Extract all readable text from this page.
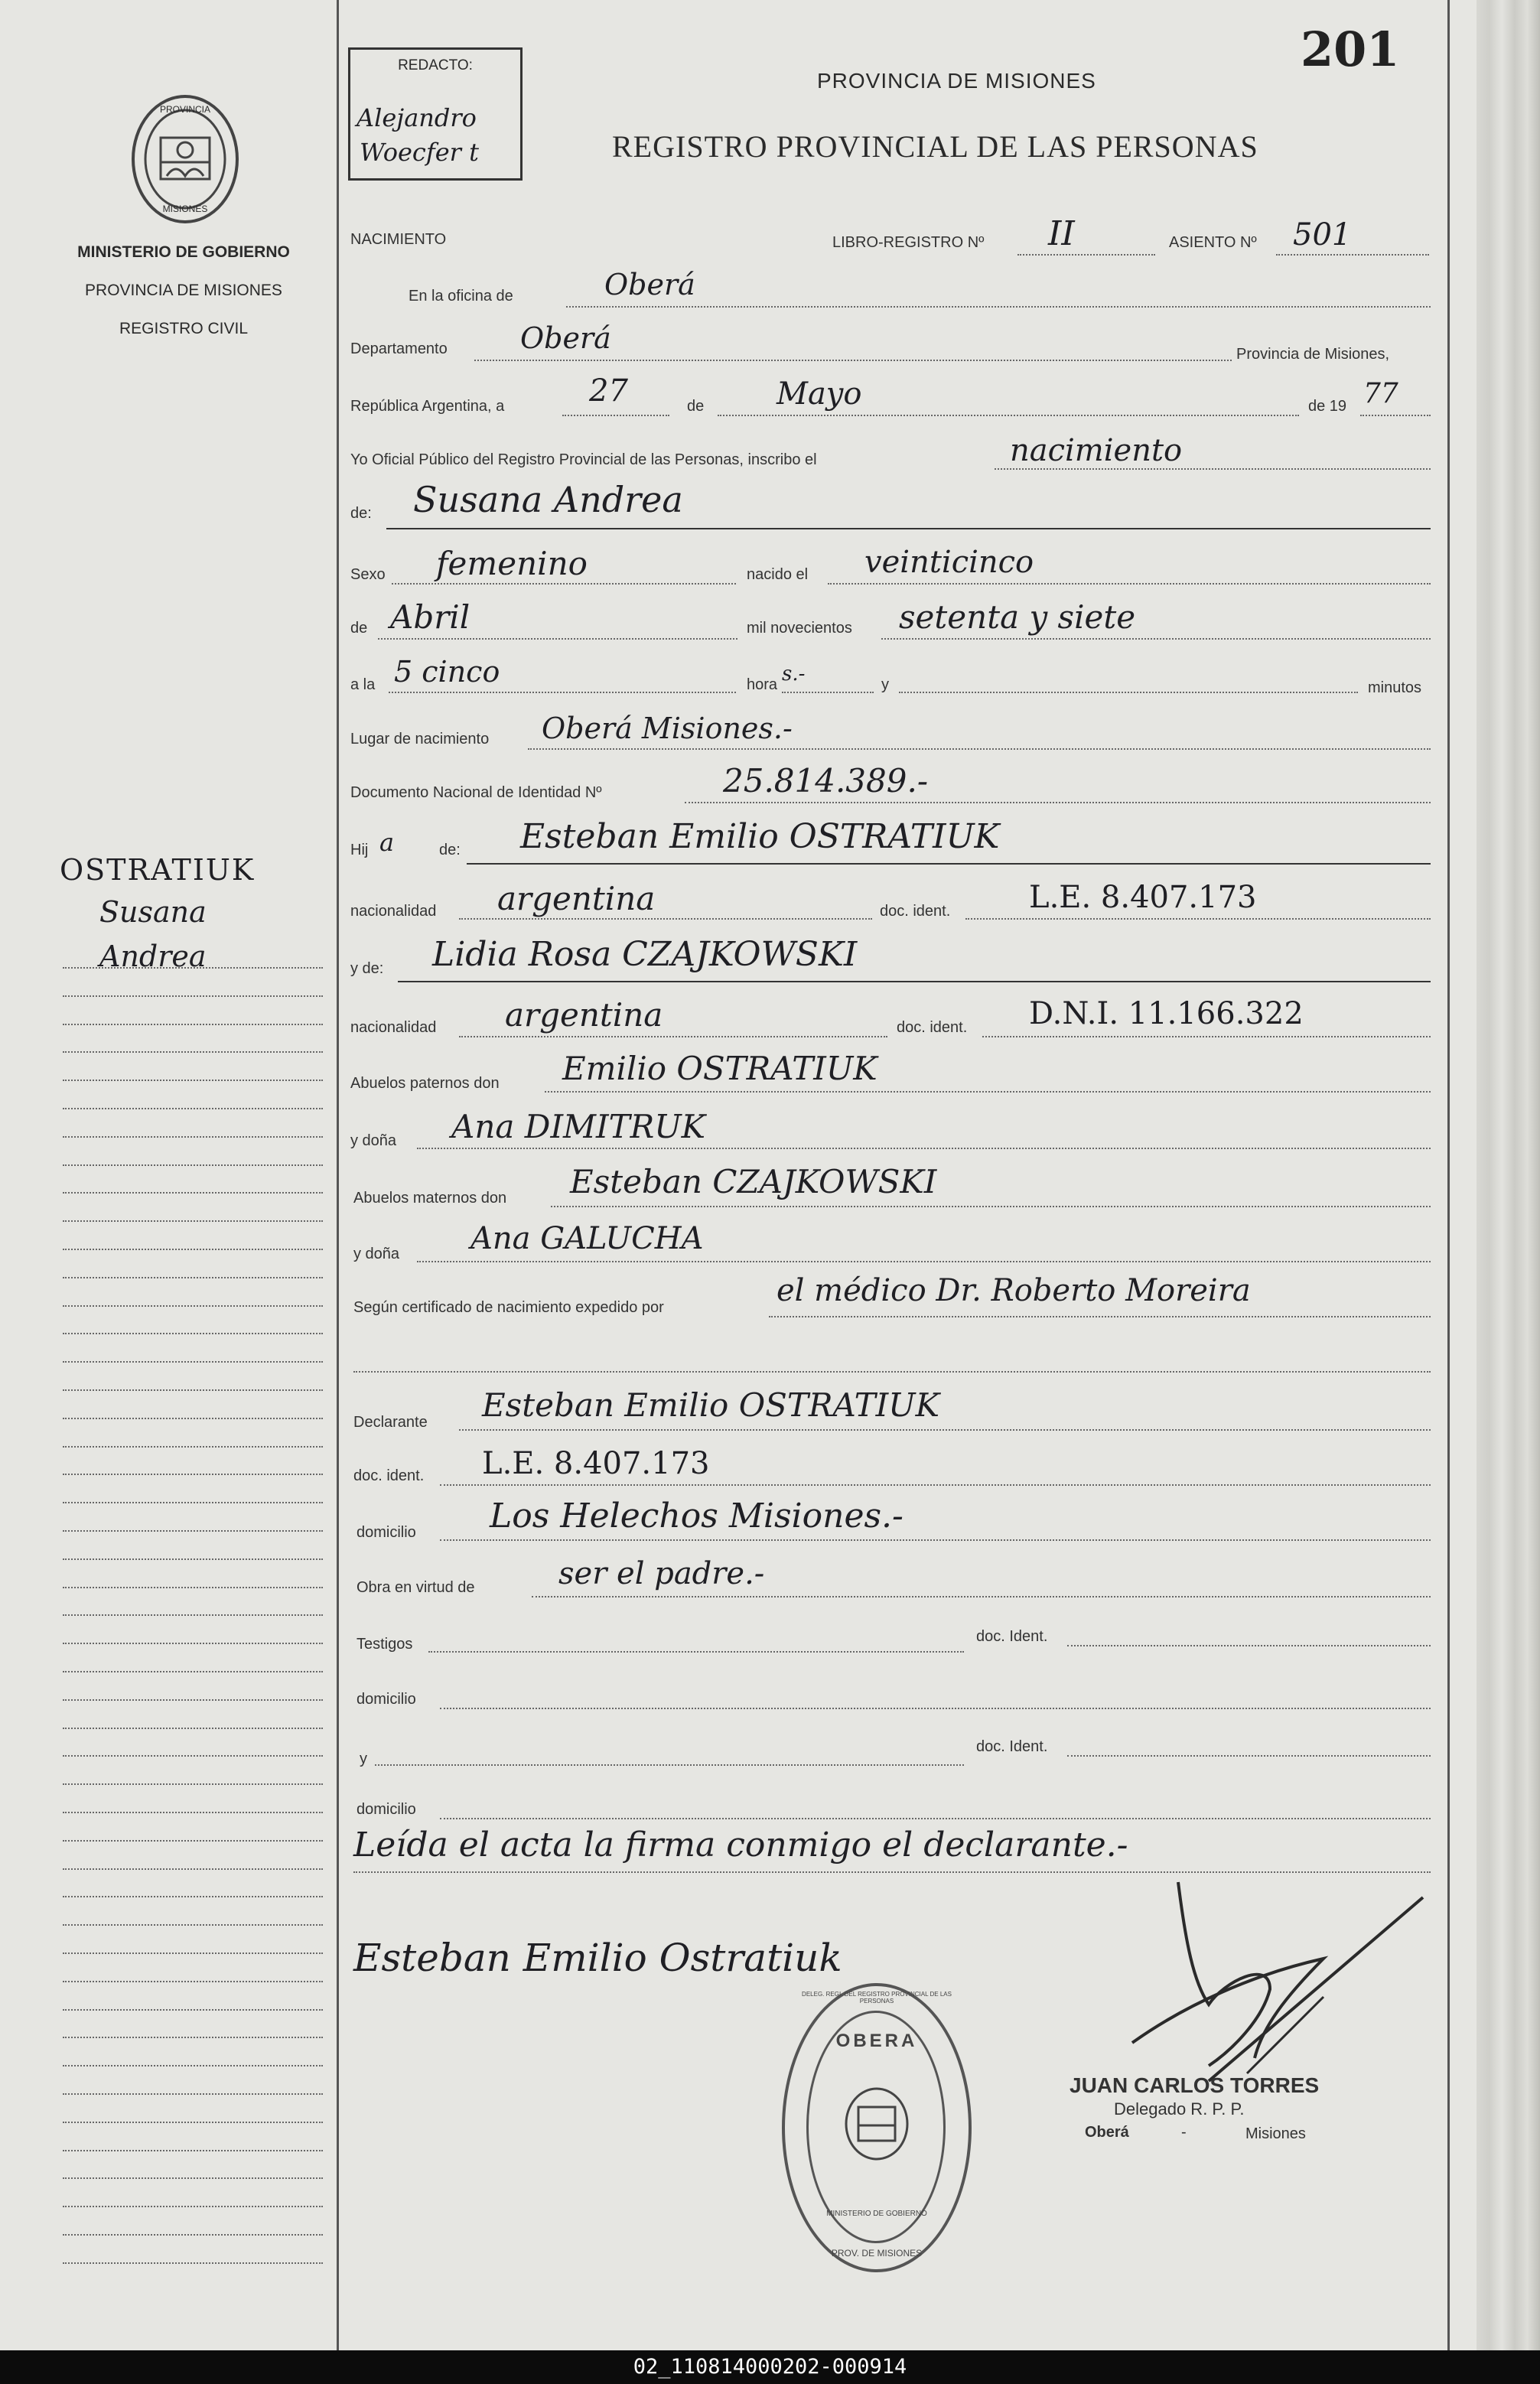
201
REDACTO:
Alejandro
Woecfer t
PROVINCIA DE MISIONES
REGISTRO PROVINCIAL DE LAS PERSONAS
PROVINCIA
MISIONES
MINISTERIO DE GOBIERNO
PROVINCIA DE MISIONES
REGISTRO CIVIL
OSTRATIUK
Susana
Andrea
NACIMIENTO	LIBRO-REGISTRO Nº II	ASIENTO Nº 501
En la oficina de	Oberá
Departamento	Oberá	Provincia de Misiones,
República Argentina, a	27	de Mayo	de 19 77
Yo Oficial Público del Registro Provincial de las Personas, inscribo el	nacimiento
de: Susana Andrea
Sexo femenino	nacido el veinticinco
de Abril	mil novecientos setenta y siete
a la 5 cinco	hora s.-	y	minutos
Lugar de nacimiento Oberá Misiones.-
Documento Nacional de Identidad Nº	25.814.389.-
Hij a	de: Esteban Emilio OSTRATIUK
nacionalidad argentina	doc. ident.	L.E. 8.407.173
y de: Lidia Rosa CZAJKOWSKI
nacionalidad argentina	doc. ident. D.N.I. 11.166.322
Abuelos paternos don Emilio OSTRATIUK
y doña Ana DIMITRUK
Abuelos maternos don Esteban CZAJKOWSKI
y doña Ana GALUCHA
Según certificado de nacimiento expedido por	el médico Dr. Roberto Moreira
Declarante Esteban Emilio OSTRATIUK
doc. ident. L.E. 8.407.173
domicilio Los Helechos Misiones.-
Obra en virtud de	ser el padre.-
Testigos	doc. Ident.
domicilio
y
doc. Ident.
domicilio
Leída el acta la firma conmigo el declarante.-
Esteban Emilio Ostratiuk
OBERA
DELEG. REGI. DEL REGISTRO PROVINCIAL DE LAS PERSONAS
MINISTERIO DE GOBIERNO
PROV. DE MISIONES
JUAN CARLOS TORRES
Delegado R. P. P.
Oberá	-	Misiones
02_110814000202-000914
